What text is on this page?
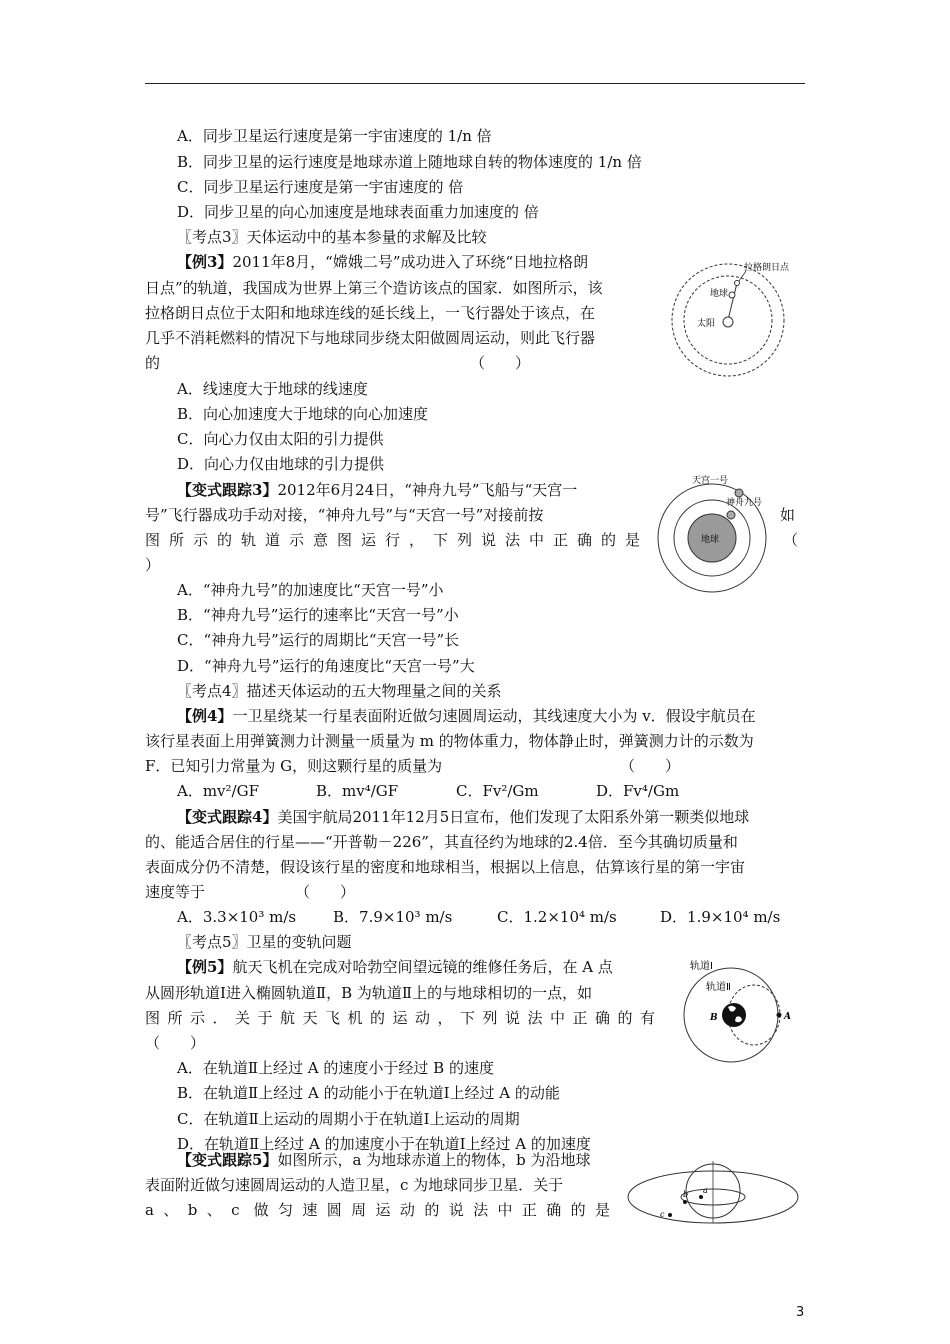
A．同步卫星运行速度是第一宇宙速度的 1/n 倍
B．同步卫星的运行速度是地球赤道上随地球自转的物体速度的 1/n 倍
C．同步卫星运行速度是第一宇宙速度的 倍
D．同步卫星的向心加速度是地球表面重力加速度的 倍
〖考点3〗天体运动中的基本参量的求解及比较
【例3】2011年8月，“嫦娥二号”成功进入了环绕“日地拉格朗
日点”的轨道，我国成为世界上第三个造访该点的国家．如图所示，该
拉格朗日点位于太阳和地球连线的延长线上，一飞行器处于该点，在
几乎不消耗燃料的情况下与地球同步绕太阳做圆周运动，则此飞行器
的	（　　）
A．线速度大于地球的线速度
B．向心加速度大于地球的向心加速度
C．向心力仅由太阳的引力提供
D．向心力仅由地球的引力提供
拉格朗日点
地球
太阳
【变式跟踪3】2012年6月24日，“神舟九号”飞船与“天宫一
号”飞行器成功手动对接，“神舟九号”与“天宫一号”对接前按	如
图所示的轨道示意图运行，下列说法中正确的是	（
）
A．“神舟九号”的加速度比“天宫一号”小
B．“神舟九号”运行的速率比“天宫一号”小
C．“神舟九号”运行的周期比“天宫一号”长
D．“神舟九号”运行的角速度比“天宫一号”大
天宫一号
神舟九号
地球
〖考点4〗描述天体运动的五大物理量之间的关系
【例4】一卫星绕某一行星表面附近做匀速圆周运动，其线速度大小为 v．假设宇航员在
该行星表面上用弹簧测力计测量一质量为 m 的物体重力，物体静止时，弹簧测力计的示数为
F．已知引力常量为 G，则这颗行星的质量为	（　　）
A．mv²/GF	B．mv⁴/GF	C．Fv²/Gm	D．Fv⁴/Gm
【变式跟踪4】美国宇航局2011年12月5日宣布，他们发现了太阳系外第一颗类似地球
的、能适合居住的行星——“开普勒－226”，其直径约为地球的2.4倍．至今其确切质量和
表面成分仍不清楚，假设该行星的密度和地球相当，根据以上信息，估算该行星的第一宇宙
速度等于	（　　）
A．3.3×10³ m/s B．7.9×10³ m/s	C．1.2×10⁴ m/s	D．1.9×10⁴ m/s
〖考点5〗卫星的变轨问题
【例5】航天飞机在完成对哈勃空间望远镜的维修任务后，在 A 点
从圆形轨道Ⅰ进入椭圆轨道Ⅱ，B 为轨道Ⅱ上的与地球相切的一点，如
图所示．关于航天飞机的运动，下列说法中正确的有
（　　）
A．在轨道Ⅱ上经过 A 的速度小于经过 B 的速度
B．在轨道Ⅱ上经过 A 的动能小于在轨道Ⅰ上经过 A 的动能
C．在轨道Ⅱ上运动的周期小于在轨道Ⅰ上运动的周期
D．在轨道Ⅱ上经过 A 的加速度小于在轨道Ⅰ上经过 A 的加速度
轨道Ⅰ
轨道Ⅱ
B	A
【变式跟踪5】如图所示，a 为地球赤道上的物体，b 为沿地球
表面附近做匀速圆周运动的人造卫星，c 为地球同步卫星．关于
a、b、c 做匀速圆周运动的说法中正确的是
b a
c
3
